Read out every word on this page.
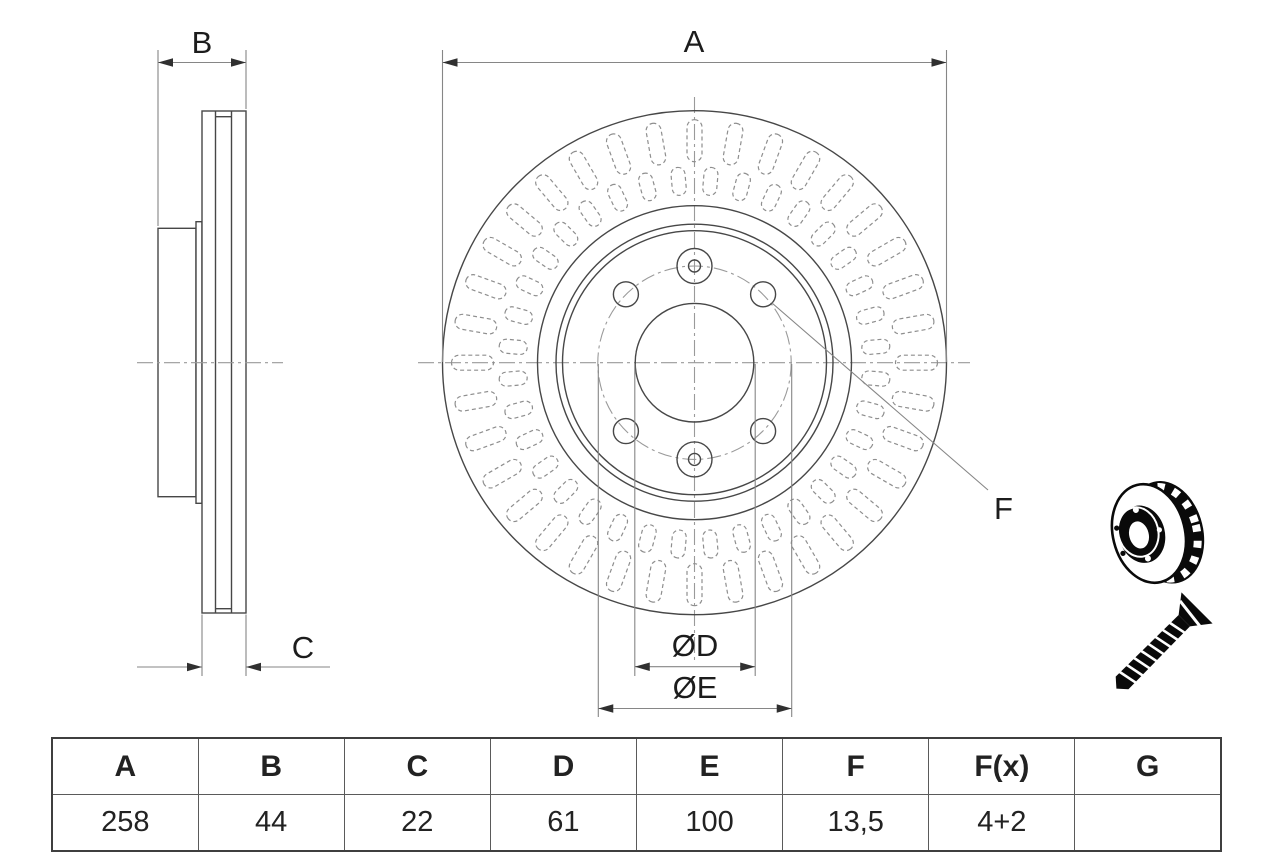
B
C
A
F
ØD
ØE
A	B	C	D	E	F	F(x)	G
258	44	22	61	100	13,5	4+2	
